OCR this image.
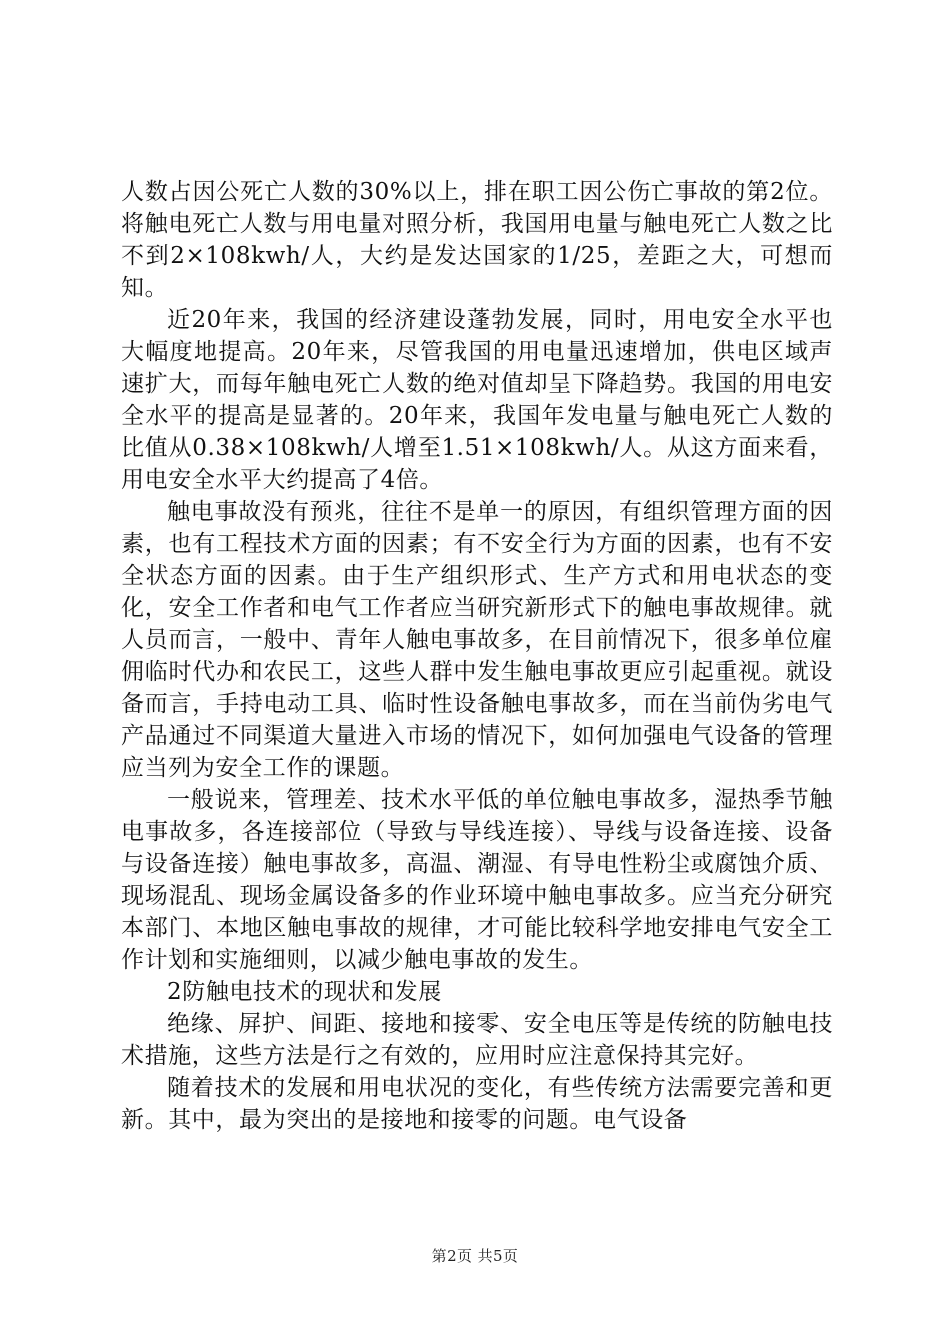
人数占因公死亡人数的30%以上，排在职工因公伤亡事故的第2位。将触电死亡人数与用电量对照分析，我国用电量与触电死亡人数之比不到2×108kwh/人，大约是发达国家的1/25，差距之大，可想而知。

近20年来，我国的经济建设蓬勃发展，同时，用电安全水平也大幅度地提高。20年来，尽管我国的用电量迅速增加，供电区域声速扩大，而每年触电死亡人数的绝对值却呈下降趋势。我国的用电安全水平的提高是显著的。20年来，我国年发电量与触电死亡人数的比值从0.38×108kwh/人增至1.51×108kwh/人。从这方面来看，用电安全水平大约提高了4倍。

触电事故没有预兆，往往不是单一的原因，有组织管理方面的因素，也有工程技术方面的因素；有不安全行为方面的因素，也有不安全状态方面的因素。由于生产组织形式、生产方式和用电状态的变化，安全工作者和电气工作者应当研究新形式下的触电事故规律。就人员而言，一般中、青年人触电事故多，在目前情况下，很多单位雇佣临时代办和农民工，这些人群中发生触电事故更应引起重视。就设备而言，手持电动工具、临时性设备触电事故多，而在当前伪劣电气产品通过不同渠道大量进入市场的情况下，如何加强电气设备的管理应当列为安全工作的课题。

一般说来，管理差、技术水平低的单位触电事故多，湿热季节触电事故多，各连接部位（导致与导线连接）、导线与设备连接、设备与设备连接）触电事故多，高温、潮湿、有导电性粉尘或腐蚀介质、现场混乱、现场金属设备多的作业环境中触电事故多。应当充分研究本部门、本地区触电事故的规律，才可能比较科学地安排电气安全工作计划和实施细则，以减少触电事故的发生。

2防触电技术的现状和发展

绝缘、屏护、间距、接地和接零、安全电压等是传统的防触电技术措施，这些方法是行之有效的，应用时应注意保持其完好。

随着技术的发展和用电状况的变化，有些传统方法需要完善和更新。其中，最为突出的是接地和接零的问题。电气设备

第2页 共5页
